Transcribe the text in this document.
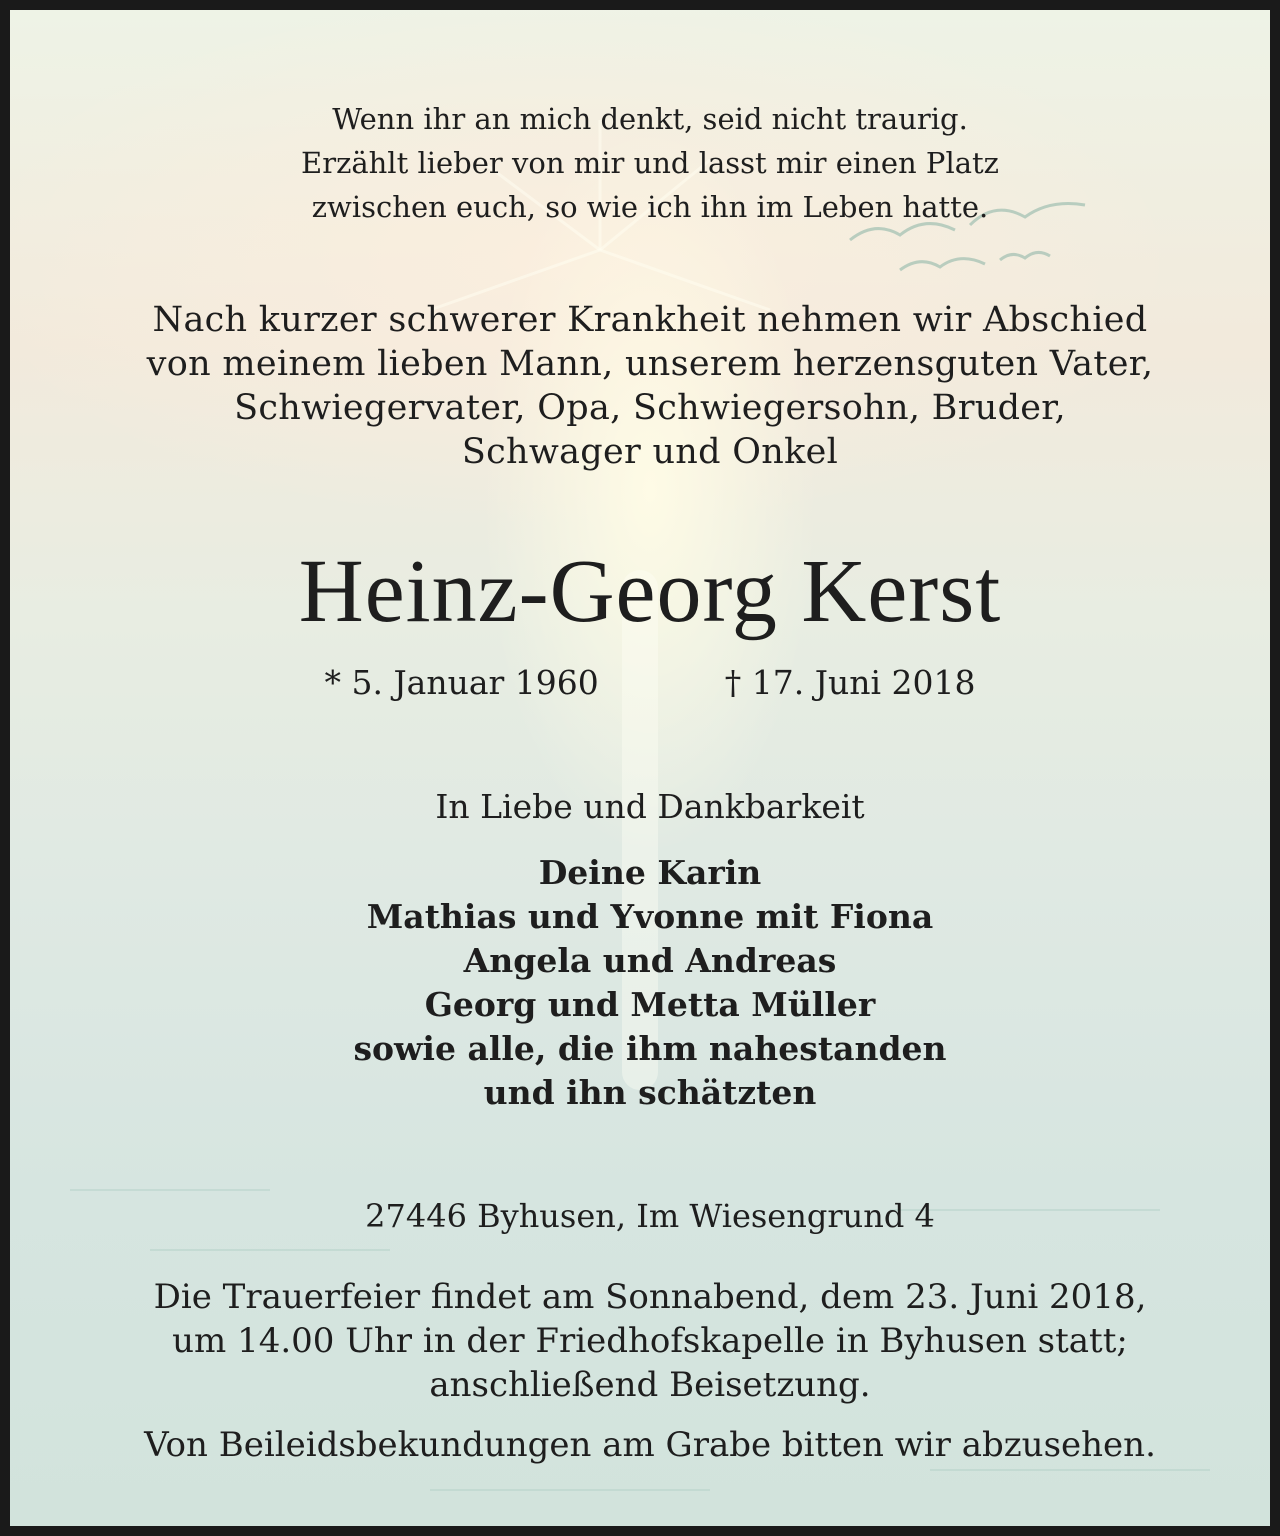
Wenn ihr an mich denkt, seid nicht traurig.
Erzählt lieber von mir und lasst mir einen Platz
zwischen euch, so wie ich ihn im Leben hatte.
Nach kurzer schwerer Krankheit nehmen wir Abschied
von meinem lieben Mann, unserem herzensguten Vater,
Schwiegervater, Opa, Schwiegersohn, Bruder,
Schwager und Onkel
Heinz-Georg Kerst
* 5. Januar 1960	† 17. Juni 2018
In Liebe und Dankbarkeit
Deine Karin
Mathias und Yvonne mit Fiona
Angela und Andreas
Georg und Metta Müller
sowie alle, die ihm nahestanden
und ihn schätzten
27446 Byhusen, Im Wiesengrund 4
Die Trauerfeier findet am Sonnabend, dem 23. Juni 2018,
um 14.00 Uhr in der Friedhofskapelle in Byhusen statt;
anschließend Beisetzung.
Von Beileidsbekundungen am Grabe bitten wir abzusehen.
